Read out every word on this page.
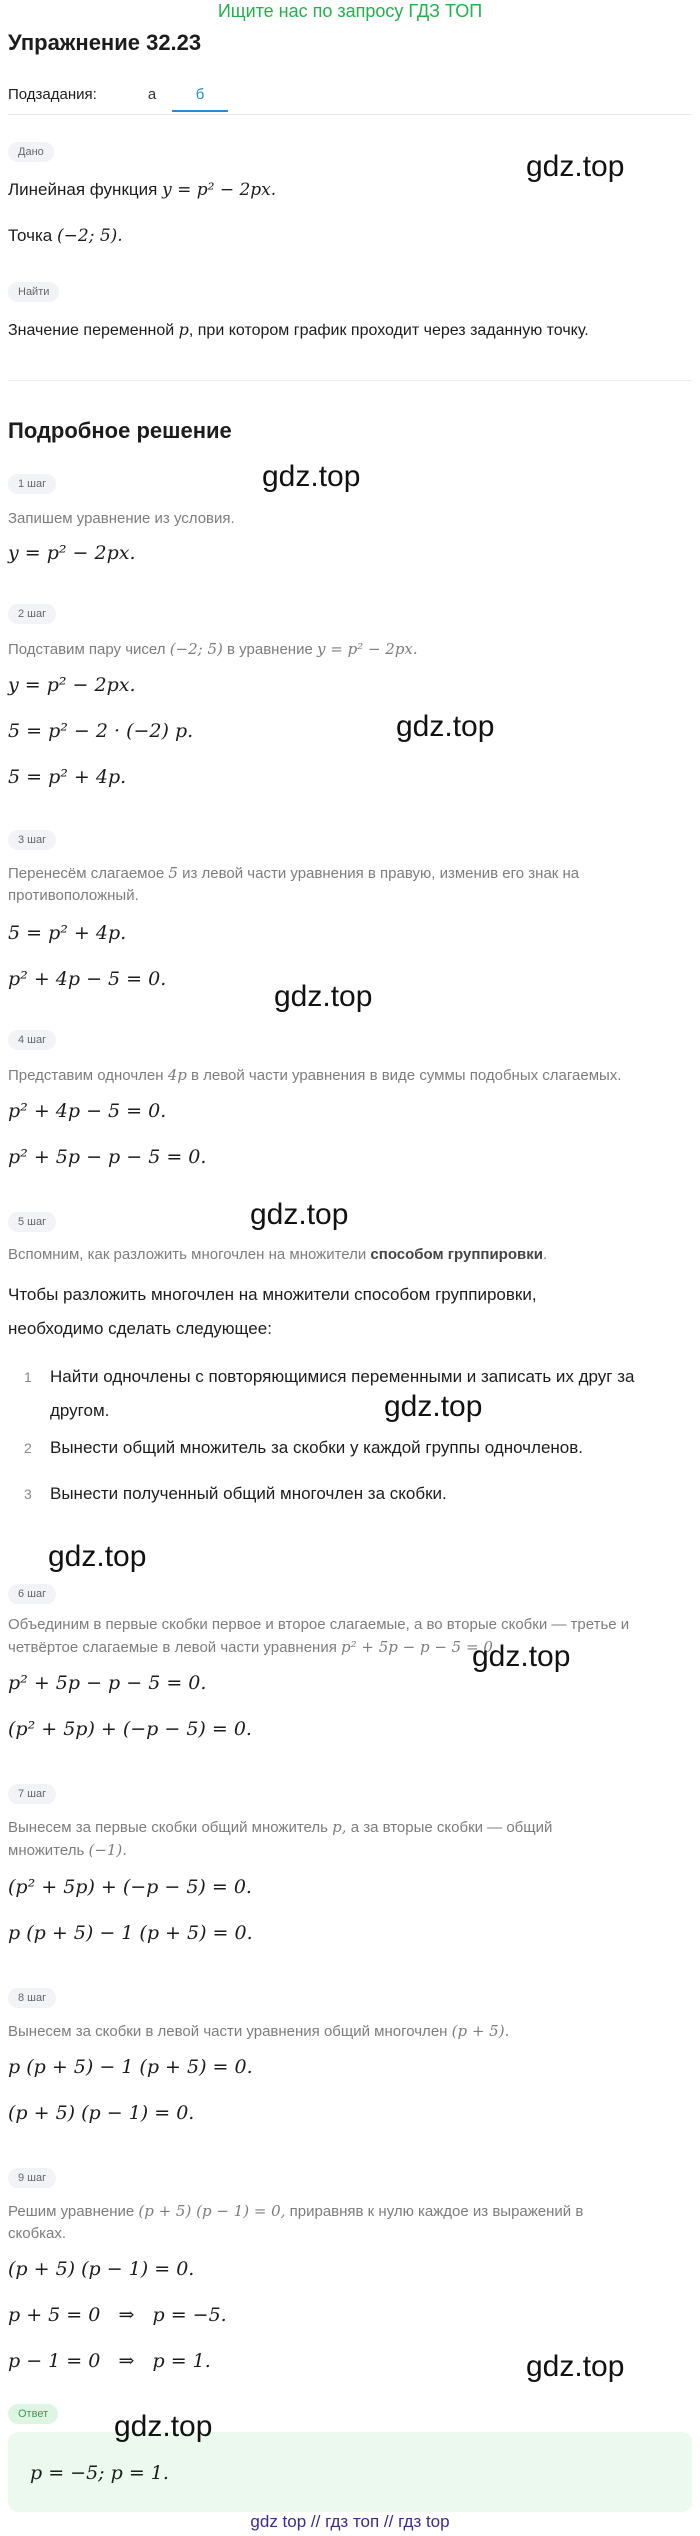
Ищите нас по запросу ГДЗ ТОП
Упражнение 32.23
Подзадания:	а	б
Дано
Линейная функция y = p² − 2px.
Точка (−2; 5).
Найти
Значение переменной p, при котором график проходит через заданную точку.
Подробное решение
1 шаг
Запишем уравнение из условия.
y = p² − 2px.
2 шаг
Подставим пару чисел (−2; 5) в уравнение y = p² − 2px.
y = p² − 2px.
5 = p² − 2 · (−2) p.
5 = p² + 4p.
3 шаг
Перенесём слагаемое 5 из левой части уравнения в правую, изменив его знак на
противоположный.
5 = p² + 4p.
p² + 4p − 5 = 0.
4 шаг
Представим одночлен 4p в левой части уравнения в виде суммы подобных слагаемых.
p² + 4p − 5 = 0.
p² + 5p − p − 5 = 0.
5 шаг
Вспомним, как разложить многочлен на множители способом группировки.
Чтобы разложить многочлен на множители способом группировки,
необходимо сделать следующее:
1 Найти одночлены с повторяющимися переменными и записать их друг за
другом.
2 Вынести общий множитель за скобки у каждой группы одночленов.
3 Вынести полученный общий многочлен за скобки.
6 шаг
Объединим в первые скобки первое и второе слагаемые, а во вторые скобки — третье и
четвёртое слагаемые в левой части уравнения p² + 5p − p − 5 = 0.
p² + 5p − p − 5 = 0.
(p² + 5p) + (−p − 5) = 0.
7 шаг
Вынесем за первые скобки общий множитель p, а за вторые скобки — общий
множитель (−1).
(p² + 5p) + (−p − 5) = 0.
p (p + 5) − 1 (p + 5) = 0.
8 шаг
Вынесем за скобки в левой части уравнения общий многочлен (p + 5).
p (p + 5) − 1 (p + 5) = 0.
(p + 5) (p − 1) = 0.
9 шаг
Решим уравнение (p + 5) (p − 1) = 0, приравняв к нулю каждое из выражений в
скобках.
(p + 5) (p − 1) = 0.
p + 5 = 0   ⇒   p = −5.
p − 1 = 0   ⇒   p = 1.
Ответ
p = −5; p = 1.
gdz.top
gdz.top
gdz.top
gdz.top
gdz.top
gdz.top
gdz.top
gdz.top
gdz.top
gdz.top
gdz top // гдз топ // гдз top
